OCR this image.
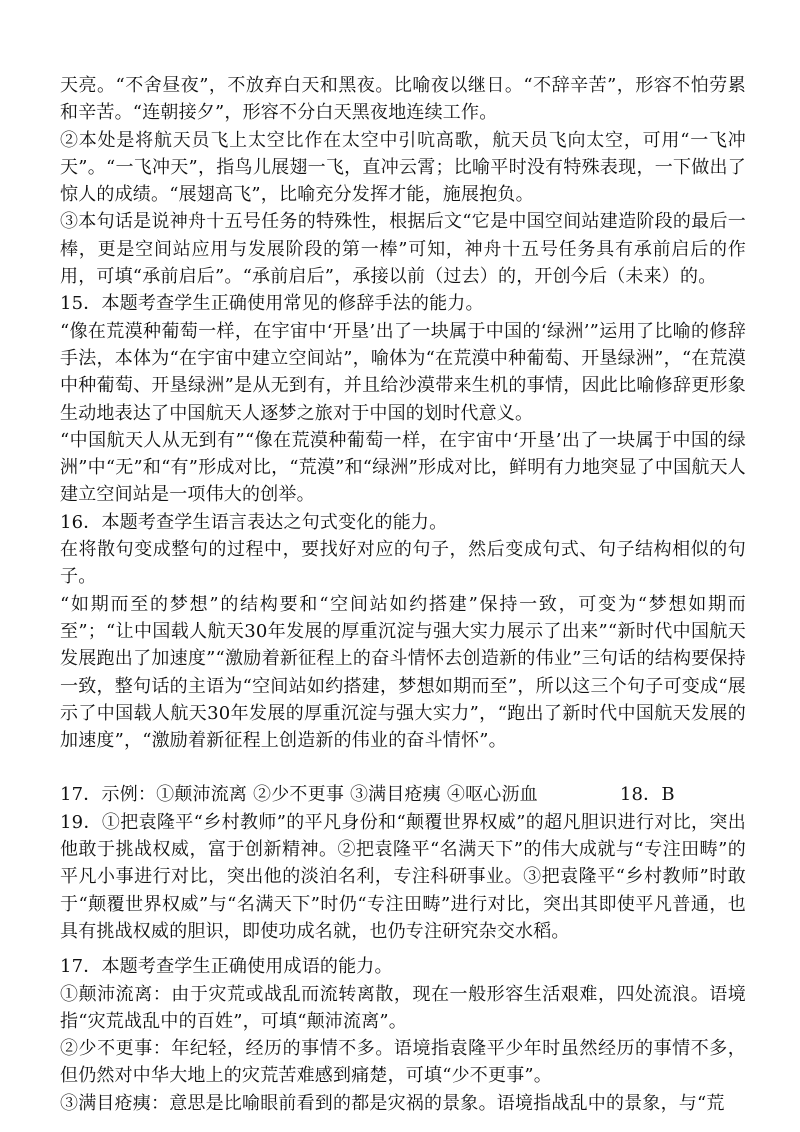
天亮。“不舍昼夜”，不放弃白天和黑夜。比喻夜以继日。“不辞辛苦”，形容不怕劳累和辛苦。“连朝接夕”，形容不分白天黑夜地连续工作。

②本处是将航天员飞上太空比作在太空中引吭高歌，航天员飞向太空，可用“一飞冲天”。“一飞冲天”，指鸟儿展翅一飞，直冲云霄；比喻平时没有特殊表现，一下做出了惊人的成绩。“展翅高飞”，比喻充分发挥才能，施展抱负。

③本句话是说神舟十五号任务的特殊性，根据后文“它是中国空间站建造阶段的最后一棒，更是空间站应用与发展阶段的第一棒”可知，神舟十五号任务具有承前启后的作用，可填“承前启后”。“承前启后”，承接以前（过去）的，开创今后（未来）的。

15．本题考查学生正确使用常见的修辞手法的能力。

“像在荒漠种葡萄一样，在宇宙中‘开垦’出了一块属于中国的‘绿洲’”运用了比喻的修辞手法，本体为“在宇宙中建立空间站”，喻体为“在荒漠中种葡萄、开垦绿洲”，“在荒漠中种葡萄、开垦绿洲”是从无到有，并且给沙漠带来生机的事情，因此比喻修辞更形象生动地表达了中国航天人逐梦之旅对于中国的划时代意义。

“中国航天人从无到有”“像在荒漠种葡萄一样，在宇宙中‘开垦’出了一块属于中国的绿洲”中“无”和“有”形成对比，“荒漠”和“绿洲”形成对比，鲜明有力地突显了中国航天人建立空间站是一项伟大的创举。

16．本题考查学生语言表达之句式变化的能力。

在将散句变成整句的过程中，要找好对应的句子，然后变成句式、句子结构相似的句子。

“如期而至的梦想”的结构要和“空间站如约搭建”保持一致，可变为“梦想如期而至”；“让中国载人航天30年发展的厚重沉淀与强大实力展示了出来”“新时代中国航天发展跑出了加速度”“激励着新征程上的奋斗情怀去创造新的伟业”三句话的结构要保持一致，整句话的主语为“空间站如约搭建，梦想如期而至”，所以这三个句子可变成“展示了中国载人航天30年发展的厚重沉淀与强大实力”，“跑出了新时代中国航天发展的加速度”，“激励着新征程上创造新的伟业的奋斗情怀”。

17．示例：①颠沛流离 ②少不更事 ③满目疮痍 ④呕心沥血	18．B

19．①把袁隆平“乡村教师”的平凡身份和“颠覆世界权威”的超凡胆识进行对比，突出他敢于挑战权威，富于创新精神。②把袁隆平“名满天下”的伟大成就与“专注田畴”的平凡小事进行对比，突出他的淡泊名利，专注科研事业。③把袁隆平“乡村教师”时敢于“颠覆世界权威”与“名满天下”时仍“专注田畴”进行对比，突出其即使平凡普通，也具有挑战权威的胆识，即使功成名就，也仍专注研究杂交水稻。

17．本题考查学生正确使用成语的能力。

①颠沛流离：由于灾荒或战乱而流转离散，现在一般形容生活艰难，四处流浪。语境指“灾荒战乱中的百姓”，可填“颠沛流离”。

②少不更事：年纪轻，经历的事情不多。语境指袁隆平少年时虽然经历的事情不多，但仍然对中华大地上的灾荒苦难感到痛楚，可填“少不更事”。

③满目疮痍：意思是比喻眼前看到的都是灾祸的景象。语境指战乱中的景象，与“荒
